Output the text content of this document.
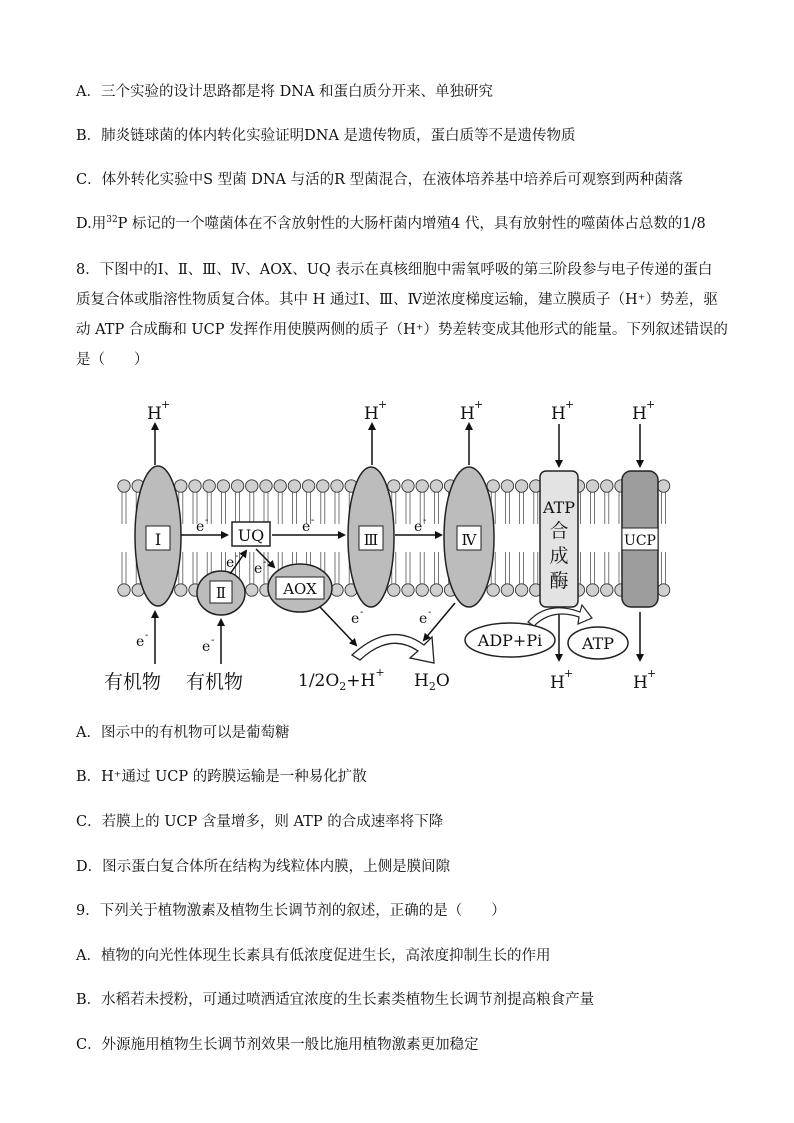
A．三个实验的设计思路都是将 DNA 和蛋白质分开来、单独研究
B．肺炎链球菌的体内转化实验证明DNA 是遗传物质，蛋白质等不是遗传物质
C．体外转化实验中S 型菌 DNA 与活的R 型菌混合，在液体培养基中培养后可观察到两种菌落
D.用$^{32}$P 标记的一个噬菌体在不含放射性的大肠杆菌内增殖4 代，具有放射性的噬菌体占总数的1/8
8．下图中的Ⅰ、Ⅱ、Ⅲ、Ⅳ、AOX、UQ 表示在真核细胞中需氧呼吸的第三阶段参与电子传递的蛋白
质复合体或脂溶性物质复合体。其中 H 通过Ⅰ、Ⅲ、Ⅳ逆浓度梯度运输，建立膜质子（H⁺）势差，驱
动 ATP 合成酶和 UCP 发挥作用使膜两侧的质子（H⁺）势差转变成其他形式的能量。下列叙述错误的
是（　　）
Ⅰ
Ⅱ
UQ
AOX
Ⅲ	Ⅳ
ATP
合
成
酶
UCP
H +	H +	H +	H +	H +
H +	H +
e -	e -	e -
e -
e -
e -	e -
e -
e -
有机物 有机物	$1/2O_2+H^+$ $H_2O$
ADP+Pi ATP
A．图示中的有机物可以是葡萄糖
B．H⁺通过 UCP 的跨膜运输是一种易化扩散
C．若膜上的 UCP 含量增多，则 ATP 的合成速率将下降
D．图示蛋白复合体所在结构为线粒体内膜，上侧是膜间隙
9．下列关于植物激素及植物生长调节剂的叙述，正确的是（　　）
A．植物的向光性体现生长素具有低浓度促进生长，高浓度抑制生长的作用
B．水稻若未授粉，可通过喷洒适宜浓度的生长素类植物生长调节剂提高粮食产量
C．外源施用植物生长调节剂效果一般比施用植物激素更加稳定
